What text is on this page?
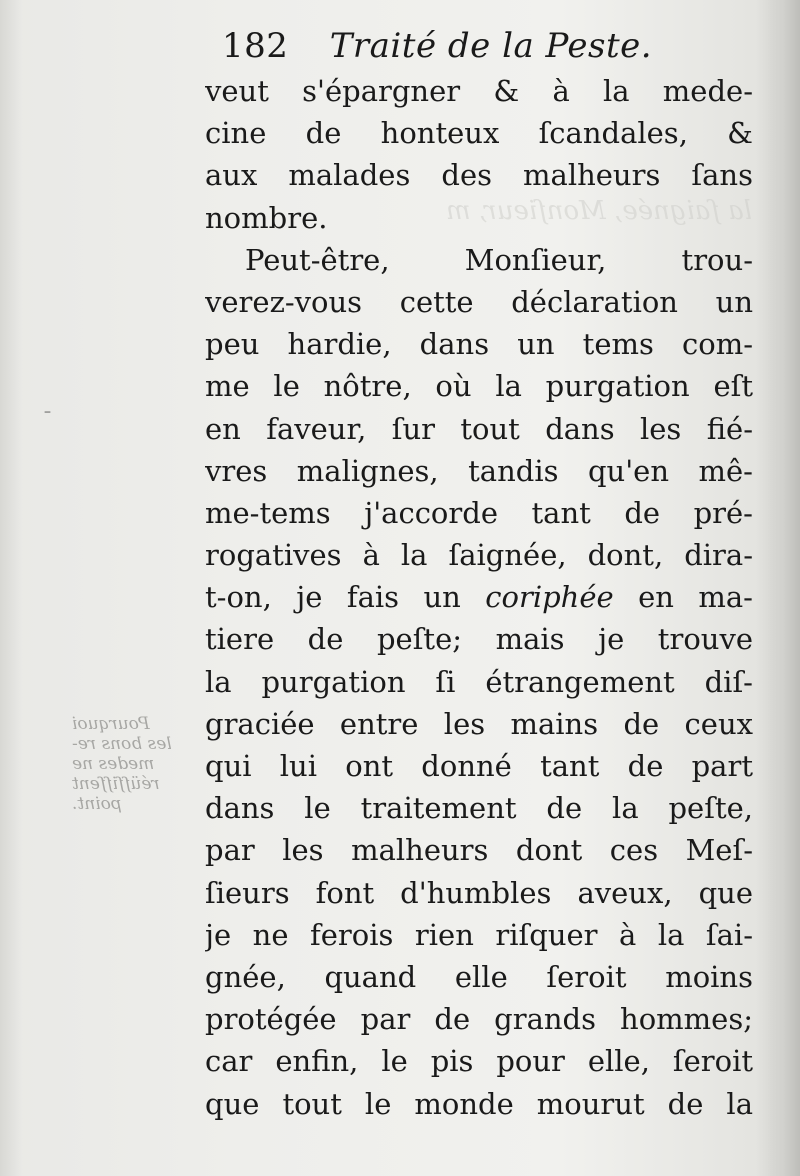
–
la ſaignée, Monſieur, m
Pourquoi
les bons re-
medes ne
réüſſiſſent
point.
182 Traité de la Peste.
veut s'épargner & à la mede-
cine de honteux ſcandales, &
aux malades des malheurs ſans
nombre.
Peut-être, Monſieur, trou-
verez-vous cette déclaration un
peu hardie, dans un tems com-
me le nôtre, où la purgation eſt
en faveur, ſur tout dans les fié-
vres malignes, tandis qu'en mê-
me-tems j'accorde tant de pré-
rogatives à la ſaignée, dont, dira-
t-on, je fais un coriphée en ma-
tiere de peſte; mais je trouve
la purgation ſi étrangement diſ-
graciée entre les mains de ceux
qui lui ont donné tant de part
dans le traitement de la peſte,
par les malheurs dont ces Meſ-
ſieurs font d'humbles aveux, que
je ne ferois rien riſquer à la ſai-
gnée, quand elle ſeroit moins
protégée par de grands hommes;
car enfin, le pis pour elle, ſeroit
que tout le monde mourut de la
